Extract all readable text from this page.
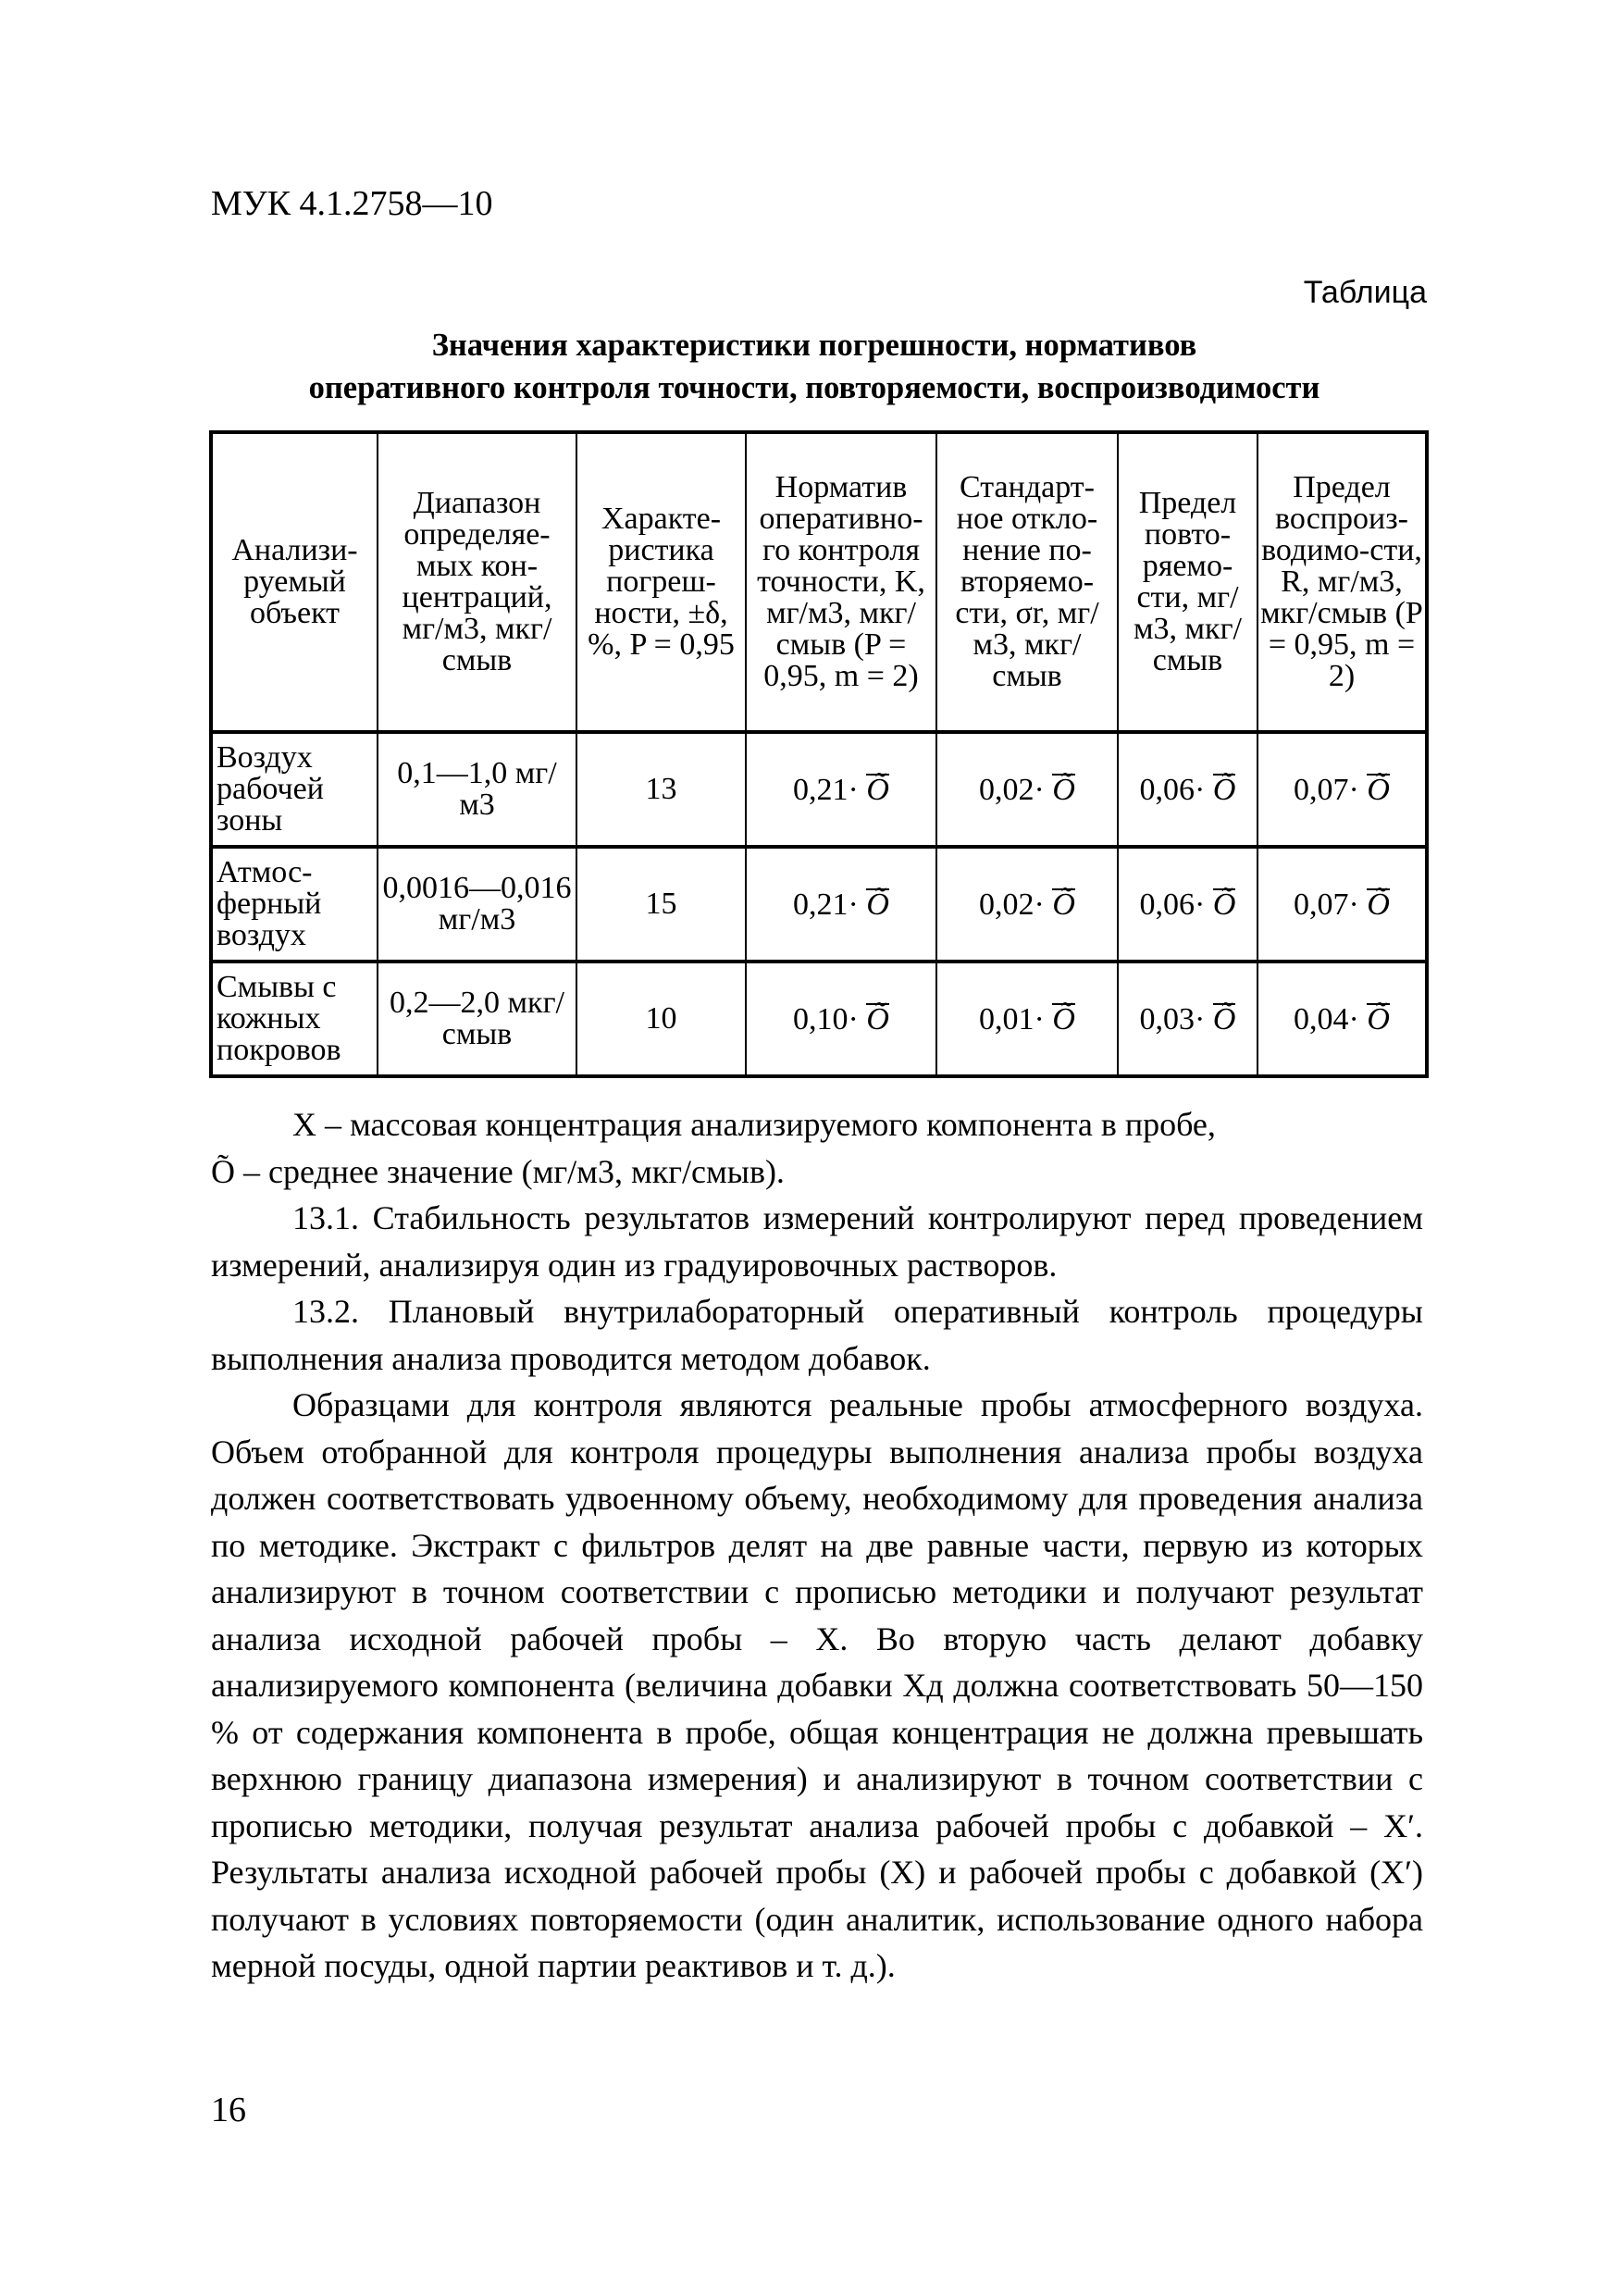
МУК 4.1.2758—10
Таблица
Значения характеристики погрешности, нормативов
оперативного контроля точности, повторяемости, воспроизводимости
Анализи-руемый объект	Диапазон определяе-мых кон-центраций, мг/м3, мкг/смыв	Характе-ристика погреш-ности, ±δ, %, P = 0,95	Норматив оперативно-го контроля точности, K, мг/м3, мкг/смыв (P = 0,95, m = 2)	Стандарт-ное откло-нение по-вторяемо-сти, σr, мг/м3, мкг/смыв	Предел повто-ряемо-сти, мг/м3, мкг/смыв	Предел воспроиз-водимо-сти, R, мг/м3, мкг/смыв (P = 0,95, m = 2)
Воздух рабочей зоны	0,1—1,0 мг/м3	13	0,21· Õ	0,02· Õ	0,06· Õ	0,07· Õ
Атмос-ферный воздух	0,0016—0,016 мг/м3	15	0,21· Õ	0,02· Õ	0,06· Õ	0,07· Õ
Смывы с кожных покровов	0,2—2,0 мкг/смыв	10	0,10· Õ	0,01· Õ	0,03· Õ	0,04· Õ

X – массовая концентрация анализируемого компонента в пробе,

Õ – среднее значение (мг/м3, мкг/смыв).

13.1. Стабильность результатов измерений контролируют перед проведением измерений, анализируя один из градуировочных растворов.

13.2. Плановый внутрилабораторный оперативный контроль процедуры выполнения анализа проводится методом добавок.

Образцами для контроля являются реальные пробы атмосферного воздуха. Объем отобранной для контроля процедуры выполнения анализа пробы воздуха должен соответствовать удвоенному объему, необходимому для проведения анализа по методике. Экстракт с фильтров делят на две равные части, первую из которых анализируют в точном соответствии с прописью методики и получают результат анализа исходной рабочей пробы – X. Во вторую часть делают добавку анализируемого компонента (величина добавки Xд должна соответствовать 50—150 % от содержания компонента в пробе, общая концентрация не должна превышать верхнюю границу диапазона измерения) и анализируют в точном соответствии с прописью методики, получая результат анализа рабочей пробы с добавкой – X′. Результаты анализа исходной рабочей пробы (X) и рабочей пробы с добавкой (X′) получают в условиях повторяемости (один аналитик, использование одного набора мерной посуды, одной партии реактивов и т. д.).

16
